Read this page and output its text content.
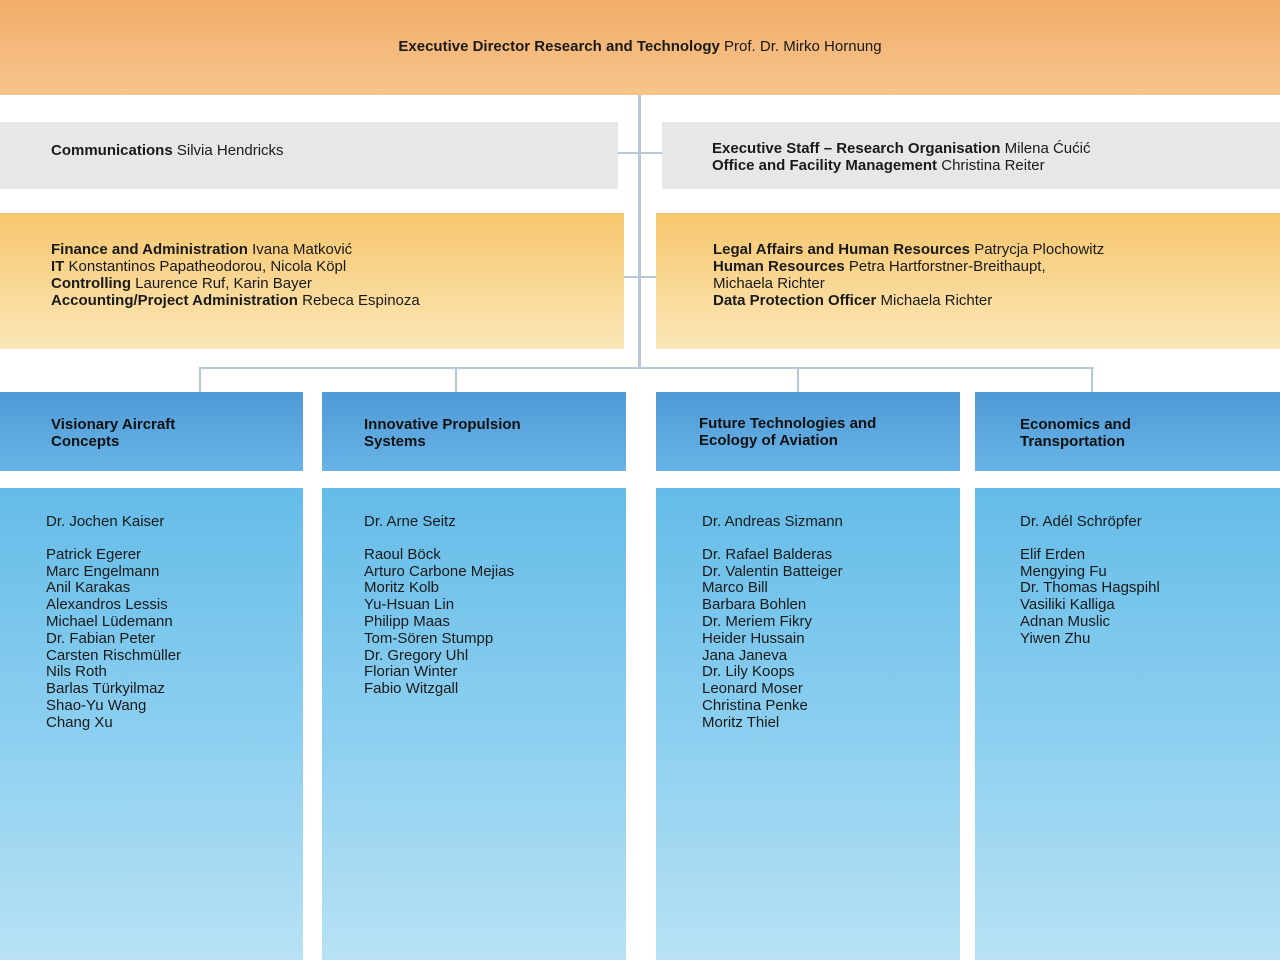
Executive Director Research and Technology Prof. Dr. Mirko Hornung
Communications Silvia Hendricks	Executive Staff – Research Organisation Milena Ćućić
Office and Facility Management Christina Reiter
Finance and Administration Ivana Matković
IT Konstantinos Papatheodorou, Nicola Köpl
Controlling Laurence Ruf, Karin Bayer
Accounting/Project Administration Rebeca Espinoza
Legal Affairs and Human Resources Patrycja Plochowitz
Human Resources Petra Hartforstner-Breithaupt,
Michaela Richter
Data Protection Officer Michaela Richter
Visionary Aircraft
Concepts
Dr. Jochen Kaiser
Patrick Egerer
Marc Engelmann
Anil Karakas
Alexandros Lessis
Michael Lüdemann
Dr. Fabian Peter
Carsten Rischmüller
Nils Roth
Barlas Türkyilmaz
Shao-Yu Wang
Chang Xu
Innovative Propulsion
Systems
Dr. Arne Seitz
Raoul Böck
Arturo Carbone Mejias
Moritz Kolb
Yu-Hsuan Lin
Philipp Maas
Tom-Sören Stumpp
Dr. Gregory Uhl
Florian Winter
Fabio Witzgall
Future Technologies and
Ecology of Aviation
Dr. Andreas Sizmann
Dr. Rafael Balderas
Dr. Valentin Batteiger
Marco Bill
Barbara Bohlen
Dr. Meriem Fikry
Heider Hussain
Jana Janeva
Dr. Lily Koops
Leonard Moser
Christina Penke
Moritz Thiel
Economics and
Transportation
Dr. Adél Schröpfer
Elif Erden
Mengying Fu
Dr. Thomas Hagspihl
Vasiliki Kalliga
Adnan Muslic
Yiwen Zhu
